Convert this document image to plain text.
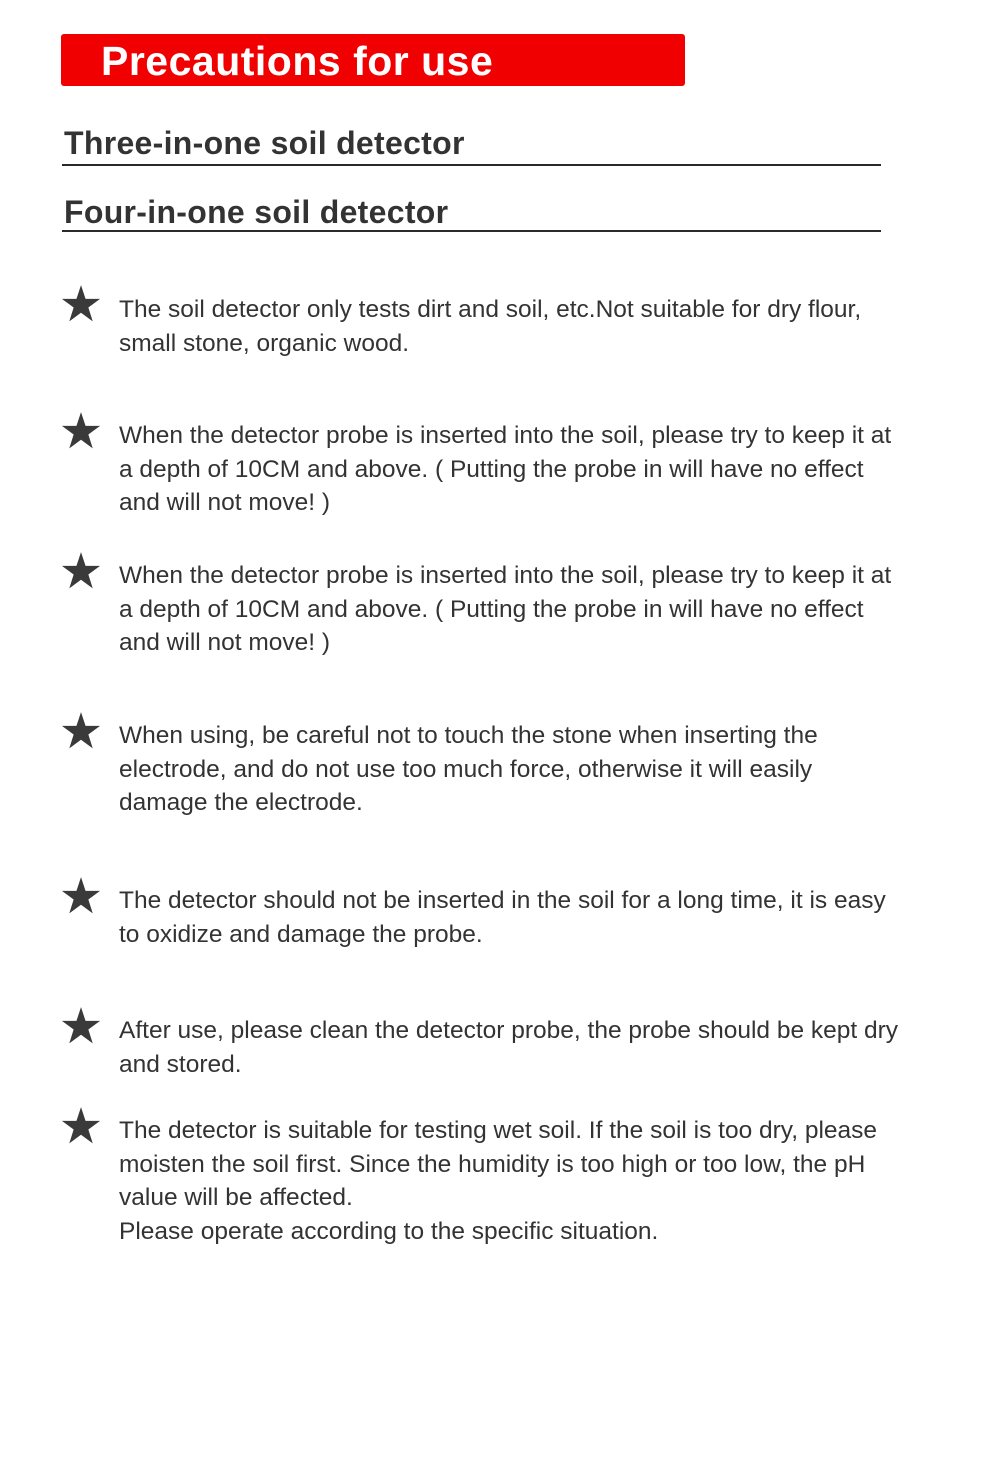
Precautions for use
Three-in-one soil detector
Four-in-one soil detector
The soil detector only tests dirt and soil, etc.Not suitable for dry flour,
small stone, organic wood.
When the detector probe is inserted into the soil, please try to keep it at
a depth of 10CM and above. ( Putting the probe in will have no effect
and will not move! )
When the detector probe is inserted into the soil, please try to keep it at
a depth of 10CM and above. ( Putting the probe in will have no effect
and will not move! )
When using, be careful not to touch the stone when inserting the
electrode, and do not use too much force, otherwise it will easily
damage the electrode.
The detector should not be inserted in the soil for a long time, it is easy
to oxidize and damage the probe.
After use, please clean the detector probe, the probe should be kept dry
and stored.
The detector is suitable for testing wet soil. If the soil is too dry, please
moisten the soil first. Since the humidity is too high or too low, the pH
value will be affected.
Please operate according to the specific situation.
